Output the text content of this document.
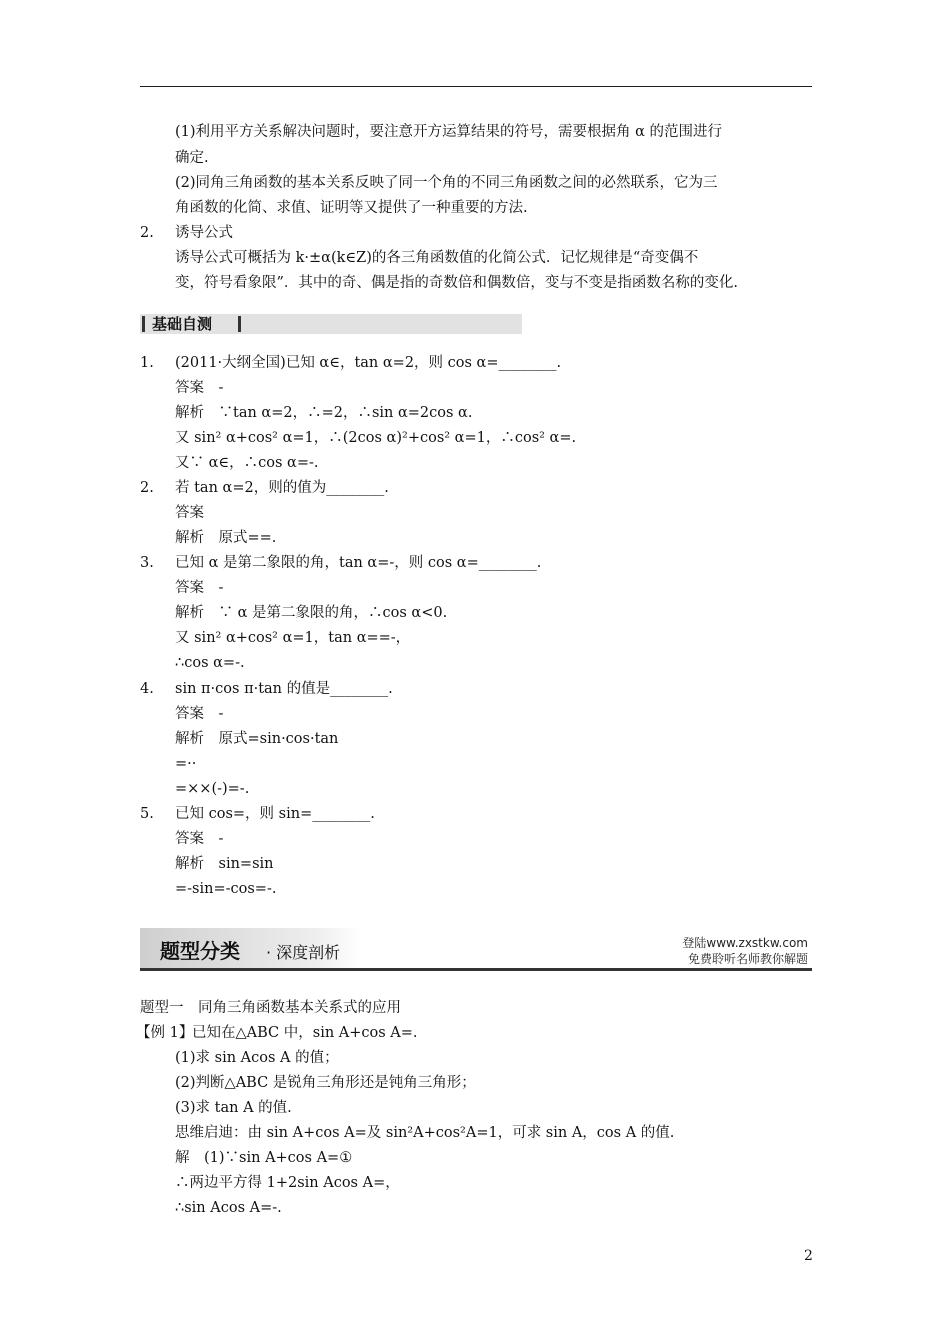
(1)利用平方关系解决问题时，要注意开方运算结果的符号，需要根据角 α 的范围进行
确定.
(2)同角三角函数的基本关系反映了同一个角的不同三角函数之间的必然联系，它为三
角函数的化简、求值、证明等又提供了一种重要的方法.
2. 诱导公式
诱导公式可概括为 k·±α(k∈Z)的各三角函数值的化简公式．记忆规律是“奇变偶不
变，符号看象限”．其中的奇、偶是指的奇数倍和偶数倍，变与不变是指函数名称的变化.
基础自测
1. (2011·大纲全国)已知 α∈，tan α=2，则 cos α=________.
答案　-
解析　∵tan α=2，∴=2，∴sin α=2cos α.
又 sin² α+cos² α=1，∴(2cos α)²+cos² α=1，∴cos² α=.
又∵ α∈，∴cos α=-.
2. 若 tan α=2，则的值为________.
答案
解析　原式==.
3. 已知 α 是第二象限的角，tan α=-，则 cos α=________.
答案　-
解析　∵ α 是第二象限的角，∴cos α<0.
又 sin² α+cos² α=1，tan α==-，
∴cos α=-.
4. sin π·cos π·tan 的值是________.
答案　-
解析　原式=sin·cos·tan
=··
=××(-)=-.
5. 已知 cos=，则 sin=________.
答案　-
解析　sin=sin
=-sin=-cos=-.
题型分类 · 深度剖析	登陆www.zxstkw.com
免费聆听名师教你解题
题型一　同角三角函数基本关系式的应用
【例 1】
已知在△ABC 中，sin A+cos A=.
(1)求 sin Acos A 的值；
(2)判断△ABC 是锐角三角形还是钝角三角形；
(3)求 tan A 的值.
思维启迪：由 sin A+cos A=及 sin²A+cos²A=1，可求 sin A，cos A 的值.
解　(1)∵sin A+cos A=①
∴两边平方得 1+2sin Acos A=，
∴sin Acos A=-.
2
